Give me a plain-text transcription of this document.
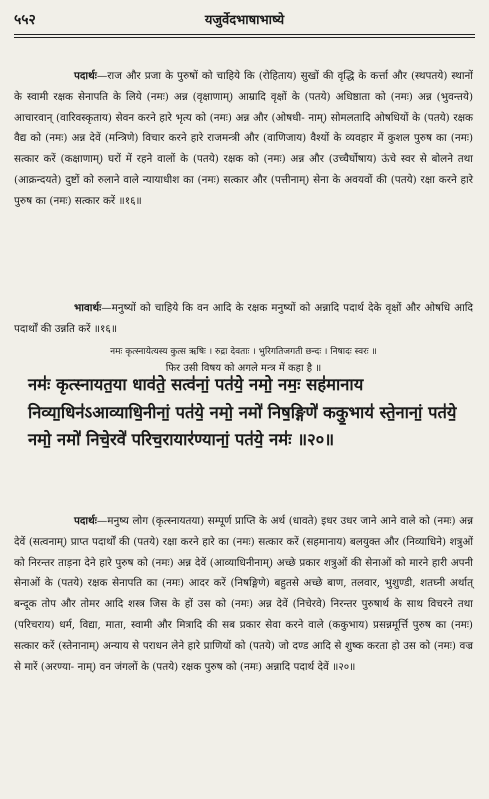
५५२	यजुर्वेदभाषाभाष्ये
पदार्थः—राज और प्रजा के पुरुषों को चाहिये कि (रोहिताय) सुखों की वृद्धि के कर्त्ता और (स्थपतये) स्थानों के स्वामी रक्षक सेनापति के लिये (नमः) अन्न (वृक्षाणाम्) आम्रादि वृक्षों के (पतये) अधिष्ठाता को (नमः) अन्न (भुवन्तये) आचारवान् (वारिवस्कृताय) सेवन करने हारे भृत्य को (नमः) अन्न और (ओषधी- नाम्) सोमलतादि ओषधियों के (पतये) रक्षक वैद्य को (नमः) अन्न देवें (मन्त्रिणे) विचार करने हारे राजमन्त्री और (वाणिजाय) वैश्यों के व्यवहार में कुशल पुरुष का (नमः) सत्कार करें (कक्षाणाम्) घरों में रहने वालों के (पतये) रक्षक को (नमः) अन्न और (उच्चैर्घोषाय) ऊंचे स्वर से बोलने तथा (आक्रन्दयते) दुष्टों को रुलाने वाले न्यायाधीश का (नमः) सत्कार और (पत्तीनाम्) सेना के अवयवों की (पतये) रक्षा करने हारे पुरुष का (नमः) सत्कार करें ॥१६॥
भावार्थः—मनुष्यों को चाहिये कि वन आदि के रक्षक मनुष्यों को अन्नादि पदार्थ देके वृक्षों और ओषधि आदि पदार्थों की उन्नति करें ॥१६॥
नमः कृत्स्नायेत्यस्य कुत्स ऋषिः । रुद्रा देवताः । भुरिगतिजगती छन्दः । निषादः स्वरः ॥
फिर उसी विषय को अगले मन्त्र में कहा है ॥
नमः॑ कृत्स्नायत॒या धाव॑ते॒ सत्व॑नां॒ पत॑ये॒ नमो॒ नमः॒ सह॑मानाय निव्या॒धिन॑ऽआव्याधि॒नीनां॒ पत॑ये॒ नमो॒ नमो॑ निष॒ङ्गिणे॑ ककु॒भाय॑ स्ते॒नानां॒ पत॑ये॒ नमो॒ नमो॑ निचे॒रवे॑ परिच॒रायार॑ण्यानां॒ पत॑ये॒ नमः॑ ॥२०॥
पदार्थः—मनुष्य लोग (कृत्स्नायतया) सम्पूर्ण प्राप्ति के अर्थ (धावते) इधर उधर जाने आने वाले को (नमः) अन्न देवें (सत्वनाम्) प्राप्त पदार्थों की (पतये) रक्षा करने हारे का (नमः) सत्कार करें (सहमानाय) बलयुक्त और (निव्याधिने) शत्रुओं को निरन्तर ताड़ना देने हारे पुरुष को (नमः) अन्न देवें (आव्याधिनीनाम्) अच्छे प्रकार शत्रुओं की सेनाओं को मारने हारी अपनी सेनाओं के (पतये) रक्षक सेनापति का (नमः) आदर करें (निषङ्गिणे) बहुतसे अच्छे बाण, तलवार, भुशुण्डी, शतघ्नी अर्थात् बन्दूक तोप और तोमर आदि शस्त्र जिस के हों उस को (नमः) अन्न देवें (निचेरवे) निरन्तर पुरुषार्थ के साथ विचरने तथा (परिचराय) धर्म, विद्या, माता, स्वामी और मित्रादि की सब प्रकार सेवा करने वाले (ककुभाय) प्रसन्नमूर्त्ति पुरुष का (नमः) सत्कार करें (स्तेनानाम्) अन्याय से पराधन लेने हारे प्राणियों को (पतये) जो दण्ड आदि से शुष्क करता हो उस को (नमः) वज्र से मारें (अरण्या- नाम्) वन जंगलों के (पतये) रक्षक पुरुष को (नमः) अन्नादि पदार्थ देवें ॥२०॥
